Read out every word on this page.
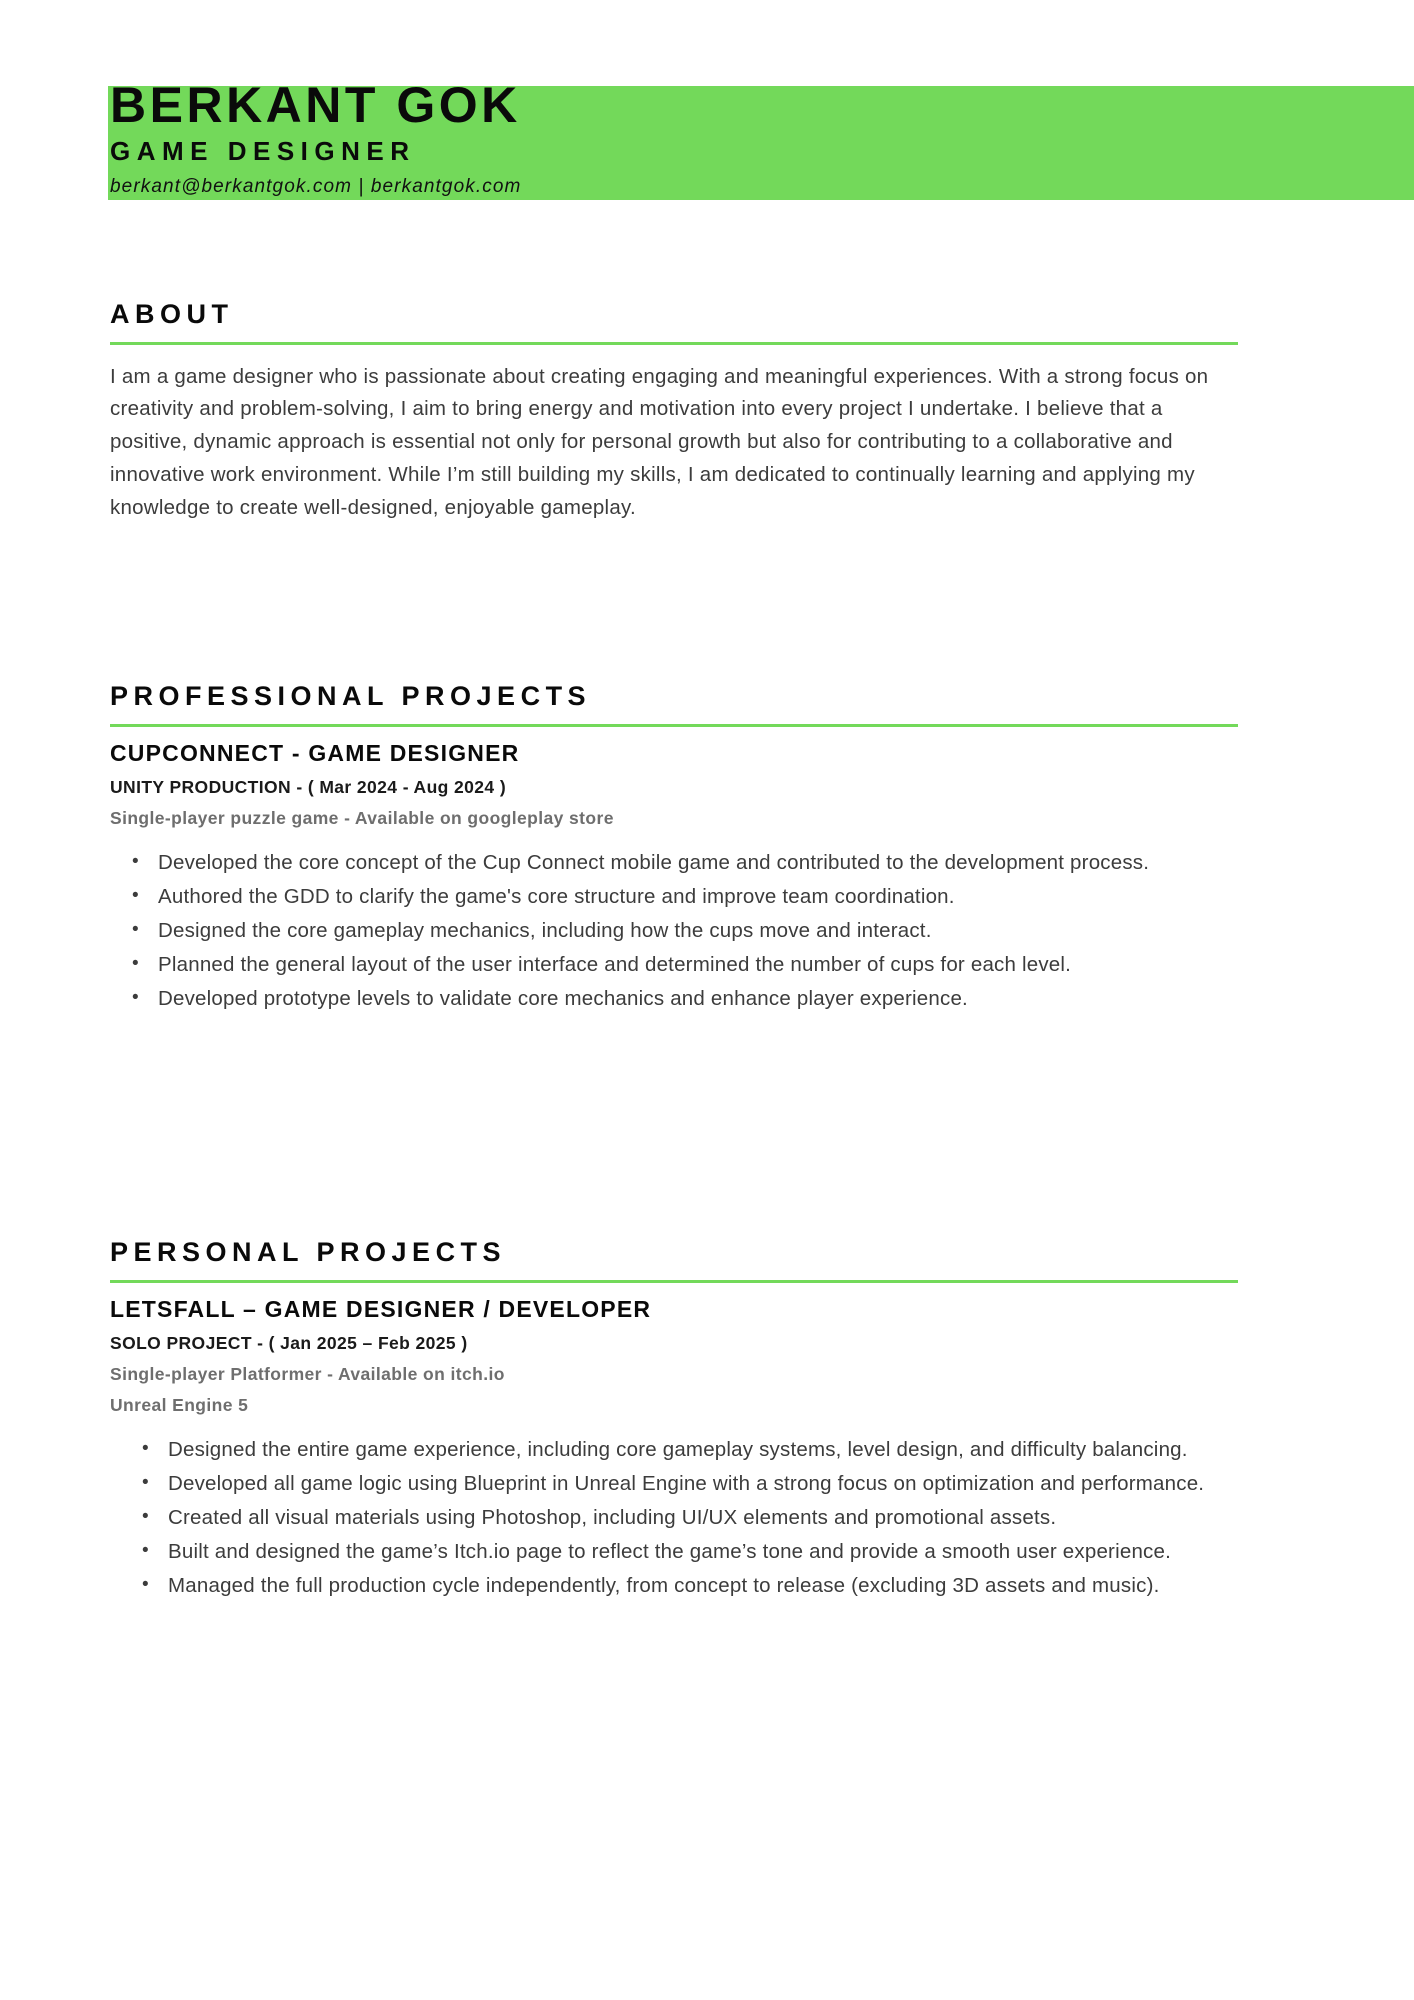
BERKANT GOK
GAME DESIGNER
berkant@berkantgok.com | berkantgok.com
ABOUT
I am a game designer who is passionate about creating engaging and meaningful experiences. With a strong focus on creativity and problem-solving, I aim to bring energy and motivation into every project I undertake. I believe that a positive, dynamic approach is essential not only for personal growth but also for contributing to a collaborative and innovative work environment. While I’m still building my skills, I am dedicated to continually learning and applying my knowledge to create well-designed, enjoyable gameplay.
PROFESSIONAL PROJECTS
CUPCONNECT - GAME DESIGNER
UNITY PRODUCTION - ( Mar 2024 - Aug 2024 )
Single-player puzzle game - Available on googleplay store
• Developed the core concept of the Cup Connect mobile game and contributed to the development process.
• Authored the GDD to clarify the game's core structure and improve team coordination.
• Designed the core gameplay mechanics, including how the cups move and interact.
• Planned the general layout of the user interface and determined the number of cups for each level.
• Developed prototype levels to validate core mechanics and enhance player experience.
PERSONAL PROJECTS
LETSFALL – GAME DESIGNER / DEVELOPER
SOLO PROJECT - ( Jan 2025 – Feb 2025 )
Single-player Platformer - Available on itch.io
Unreal Engine 5
• Designed the entire game experience, including core gameplay systems, level design, and difficulty balancing.
• Developed all game logic using Blueprint in Unreal Engine with a strong focus on optimization and performance.
• Created all visual materials using Photoshop, including UI/UX elements and promotional assets.
• Built and designed the game’s Itch.io page to reflect the game’s tone and provide a smooth user experience.
• Managed the full production cycle independently, from concept to release (excluding 3D assets and music).
